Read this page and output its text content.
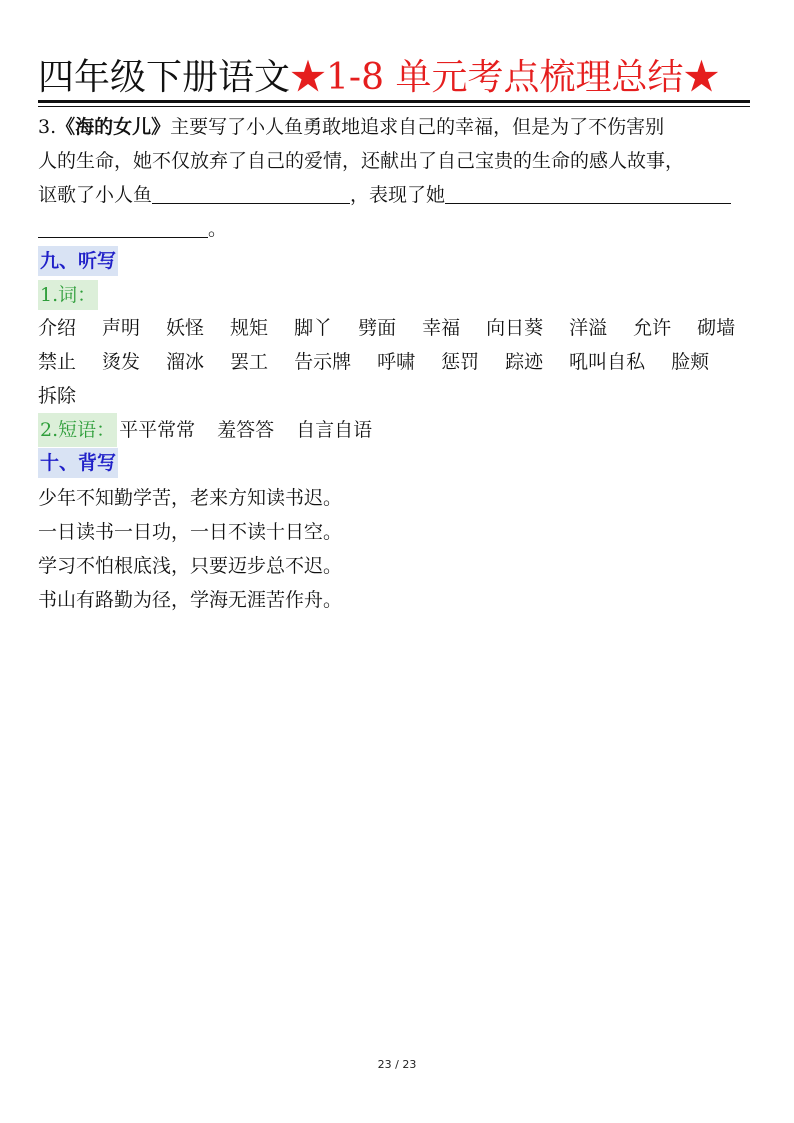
四年级下册语文★1-8 单元考点梳理总结★
3.《海的女儿》主要写了小人鱼勇敢地追求自己的幸福，但是为了不伤害别
人的生命，她不仅放弃了自己的爱情，还献出了自己宝贵的生命的感人故事，
讴歌了小人鱼	，表现了她
。
九、听写
1.词：
介绍 声明 妖怪 规矩 脚丫 劈面 幸福 向日葵 洋溢 允许 砌墙
禁止 烫发 溜冰 罢工 告示牌 呼啸 惩罚 踪迹 吼叫自私 脸颊
拆除
2.短语： 平平常常 羞答答 自言自语
十、背写
少年不知勤学苦，老来方知读书迟。
一日读书一日功，一日不读十日空。
学习不怕根底浅，只要迈步总不迟。
书山有路勤为径，学海无涯苦作舟。
23 / 23
